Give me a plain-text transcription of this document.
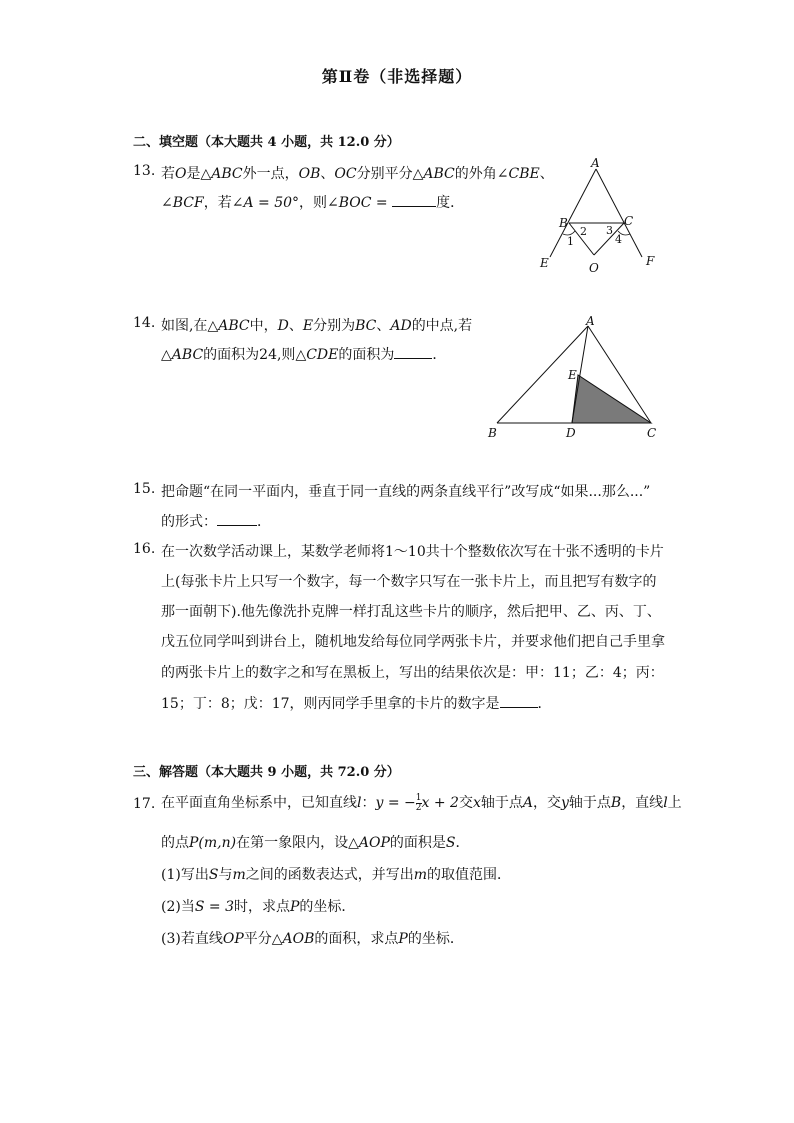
第Ⅱ卷（非选择题）
二、填空题（本大题共 4 小题，共 12.0 分）
13. 若O是△ABC外一点，OB、OC分别平分△ABC的外角∠CBE、
∠BCF，若∠A = 50°，则∠BOC =	度．
A
B	C
O
E	F
1
2 3
4
14. 如图,在△ABC中，D、E分别为BC、AD的中点,若
△ABC的面积为24,则△CDE的面积为	．
A
B	C
D
E
15. 把命题“在同一平面内，垂直于同一直线的两条直线平行”改写成“如果...那么...”
的形式：	．
16. 在一次数学活动课上，某数学老师将1～10共十个整数依次写在十张不透明的卡片
上(每张卡片上只写一个数字，每一个数字只写在一张卡片上，而且把写有数字的
那一面朝下).他先像洗扑克牌一样打乱这些卡片的顺序，然后把甲、乙、丙、丁、
戊五位同学叫到讲台上，随机地发给每位同学两张卡片，并要求他们把自己手里拿
的两张卡片上的数字之和写在黑板上，写出的结果依次是：甲：11；乙：4；丙：
15；丁：8；戊：17，则丙同学手里拿的卡片的数字是	．
三、解答题（本大题共 9 小题，共 72.0 分）
17. 在平面直角坐标系中，已知直线l：y = − $\frac{1}{2}$ x + 2交x轴于点A，交y轴于点B，直线l上
的点P(m,n)在第一象限内，设△AOP的面积是S．
(1)写出S与m之间的函数表达式，并写出m的取值范围．
(2)当S = 3时，求点P的坐标．
(3)若直线OP平分△AOB的面积，求点P的坐标．
